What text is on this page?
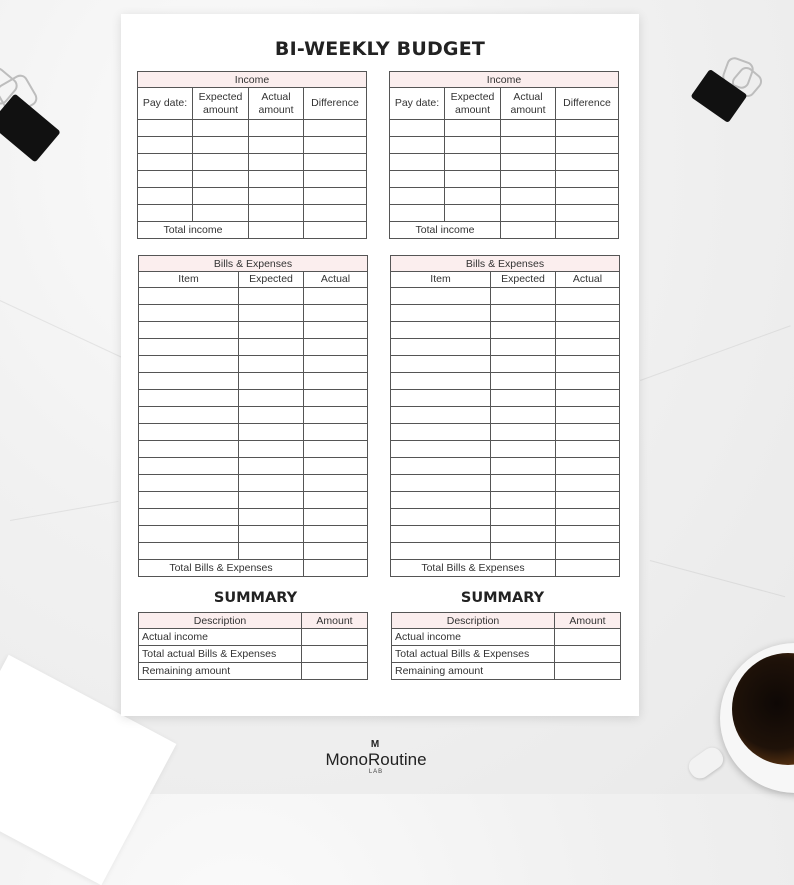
BI-WEEKLY BUDGET
Income			
Pay date:	Expected amount	Actual amount	Difference

Total income			
Income			
Pay date:	Expected amount	Actual amount	Difference

Total income			
Bills & Expenses		
Item	Expected	Actual

Total Bills & Expenses		
Bills & Expenses		
Item	Expected	Actual

Total Bills & Expenses		
SUMMARY
Description	Amount
Actual income	
Total actual Bills & Expenses	
Remaining amount	
SUMMARY
Description	Amount
Actual income	
Total actual Bills & Expenses	
Remaining amount	
M
MonoRoutine
LAB
